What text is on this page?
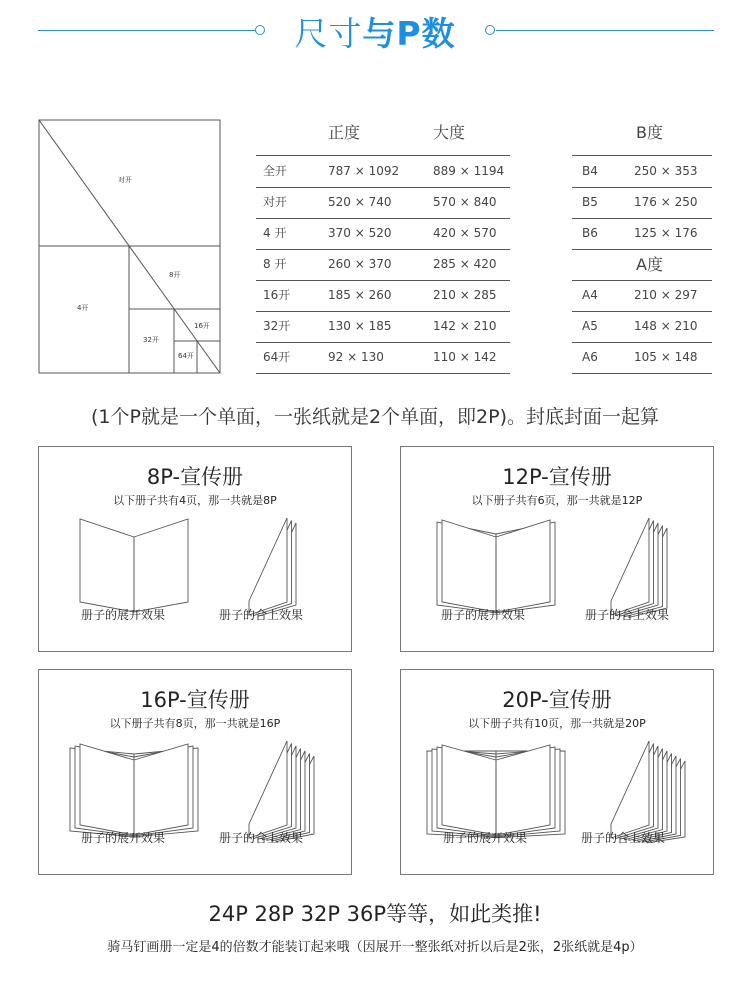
尺寸与P数
对开
8开
4开
16开
32开
64开
正度	大度
全开	787 × 1092	889 × 1194
对开	520 × 740	570 × 840
4 开	370 × 520	420 × 570
8 开	260 × 370	285 × 420
16开	185 × 260	210 × 285
32开	130 × 185	142 × 210
64开	92 × 130	110 × 142
B度
B4	250 × 353
B5	176 × 250
B6	125 × 176
A度
A4	210 × 297
A5	148 × 210
A6	105 × 148
(1个P就是一个单面，一张纸就是2个单面，即2P)。封底封面一起算
8P-宣传册
以下册子共有4页，那一共就是8P
册子的展开效果	册子的合上效果
12P-宣传册
以下册子共有6页，那一共就是12P
册子的展开效果	册子的合上效果
16P-宣传册
以下册子共有8页，那一共就是16P
册子的展开效果	册子的合上效果
20P-宣传册
以下册子共有10页，那一共就是20P
册子的展开效果	册子的合上效果
24P 28P 32P 36P等等，如此类推!
骑马钉画册一定是4的倍数才能装订起来哦（因展开一整张纸对折以后是2张，2张纸就是4p）
